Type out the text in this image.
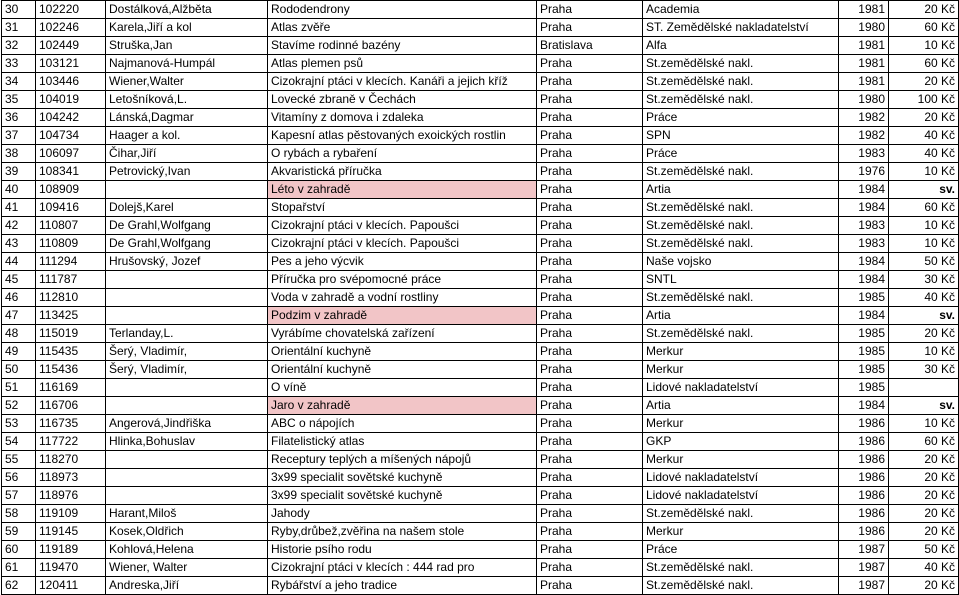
30	102220	Dostálková,Alžběta	Rododendrony	Praha	Academia	1981	20 Kč
31	102246	Karela,Jiří a kol	Atlas zvěře	Praha	ST. Zemědělské nakladatelství	1980	60 Kč
32	102449	Struška,Jan	Stavíme rodinné bazény	Bratislava	Alfa	1981	10 Kč
33	103121	Najmanová-Humpál	Atlas plemen psů	Praha	St.zemědělské nakl.	1981	60 Kč
34	103446	Wiener,Walter	Cizokrajní ptáci v klecích. Kanáři a jejich kříž	Praha	St.zemědělské nakl.	1981	20 Kč
35	104019	Letošníková,L.	Lovecké zbraně v Čechách	Praha	St.zemědělské nakl.	1980	100 Kč
36	104242	Lánská,Dagmar	Vitamíny z domova i zdaleka	Praha	Práce	1982	20 Kč
37	104734	Haager a kol.	Kapesní atlas pěstovaných exoických rostlin	Praha	SPN	1982	40 Kč
38	106097	Čihar,Jiří	O rybách a rybaření	Praha	Práce	1983	40 Kč
39	108341	Petrovický,Ivan	Akvaristická příručka	Praha	St.zemědělské nakl.	1976	10 Kč
40	108909		Léto v zahradě	Praha	Artia	1984	sv.
41	109416	Dolejš,Karel	Stopařství	Praha	St.zemědělské nakl.	1984	60 Kč
42	110807	De Grahl,Wolfgang	Cizokrajní ptáci v klecích. Papoušci	Praha	St.zemědělské nakl.	1983	10 Kč
43	110809	De Grahl,Wolfgang	Cizokrajní ptáci v klecích. Papoušci	Praha	St.zemědělské nakl.	1983	10 Kč
44	111294	Hrušovský, Jozef	Pes a jeho výcvik	Praha	Naše vojsko	1984	50 Kč
45	111787		Příručka pro svépomocné práce	Praha	SNTL	1984	30 Kč
46	112810		Voda v zahradě a vodní rostliny	Praha	St.zemědělské nakl.	1985	40 Kč
47	113425		Podzim v zahradě	Praha	Artia	1984	sv.
48	115019	Terlanday,L.	Vyrábíme chovatelská zařízení	Praha	St.zemědělské nakl.	1985	20 Kč
49	115435	Šerý, Vladimír,	Orientální kuchyně	Praha	Merkur	1985	10 Kč
50	115436	Šerý, Vladimír,	Orientální kuchyně	Praha	Merkur	1985	30 Kč
51	116169		O víně	Praha	Lidové nakladatelství	1985	
52	116706		Jaro v zahradě	Praha	Artia	1984	sv.
53	116735	Angerová,Jindřiška	ABC o nápojích	Praha	Merkur	1986	10 Kč
54	117722	Hlinka,Bohuslav	Filatelistický atlas	Praha	GKP	1986	60 Kč
55	118270		Receptury teplých a míšených nápojů	Praha	Merkur	1986	20 Kč
56	118973		3x99 specialit sovětské kuchyně	Praha	Lidové nakladatelství	1986	20 Kč
57	118976		3x99 specialit sovětské kuchyně	Praha	Lidové nakladatelství	1986	20 Kč
58	119109	Harant,Miloš	Jahody	Praha	St.zemědělské nakl.	1986	20 Kč
59	119145	Kosek,Oldřich	Ryby,drůbež,zvěřina na našem stole	Praha	Merkur	1986	20 Kč
60	119189	Kohlová,Helena	Historie psího rodu	Praha	Práce	1987	50 Kč
61	119470	Wiener, Walter	Cizokrajní ptáci v klecích : 444 rad pro	Praha	St.zemědělské nakl.	1987	40 Kč
62	120411	Andreska,Jiří	Rybářství a jeho tradice	Praha	St.zemědělské nakl.	1987	20 Kč
